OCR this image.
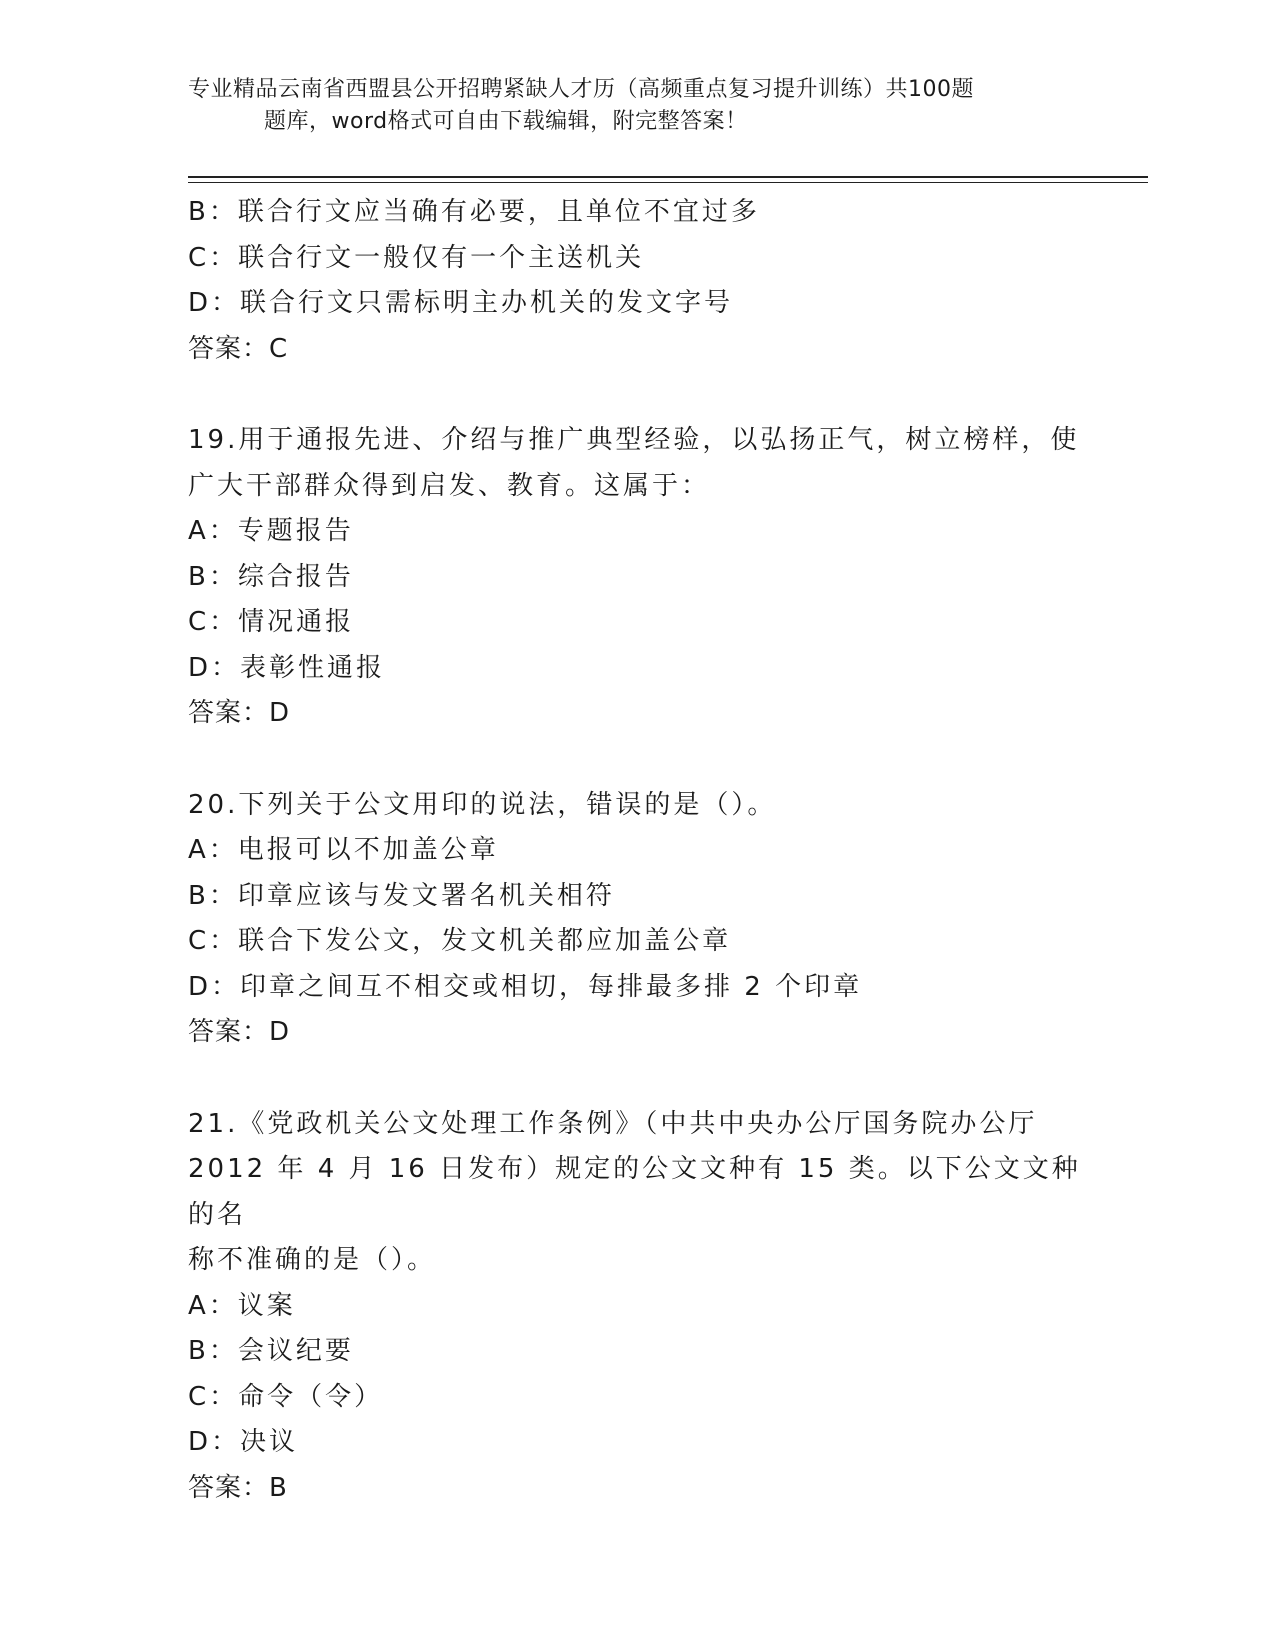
专业精品云南省西盟县公开招聘紧缺人才历（高频重点复习提升训练）共100题
题库，word格式可自由下载编辑，附完整答案！

B：联合行文应当确有必要，且单位不宜过多

C：联合行文一般仅有一个主送机关

D：联合行文只需标明主办机关的发文字号

答案：C

19.用于通报先进、介绍与推广典型经验，以弘扬正气，树立榜样，使

广大干部群众得到启发、教育。这属于：

A：专题报告

B：综合报告

C：情况通报

D：表彰性通报

答案：D

20.下列关于公文用印的说法，错误的是（）。

A：电报可以不加盖公章

B：印章应该与发文署名机关相符

C：联合下发公文，发文机关都应加盖公章

D：印章之间互不相交或相切，每排最多排 2 个印章

答案：D

21.《党政机关公文处理工作条例》（中共中央办公厅国务院办公厅

2012 年 4 月 16 日发布）规定的公文文种有 15 类。以下公文文种的名

称不准确的是（）。

A：议案

B：会议纪要

C：命令（令）

D：决议

答案：B
